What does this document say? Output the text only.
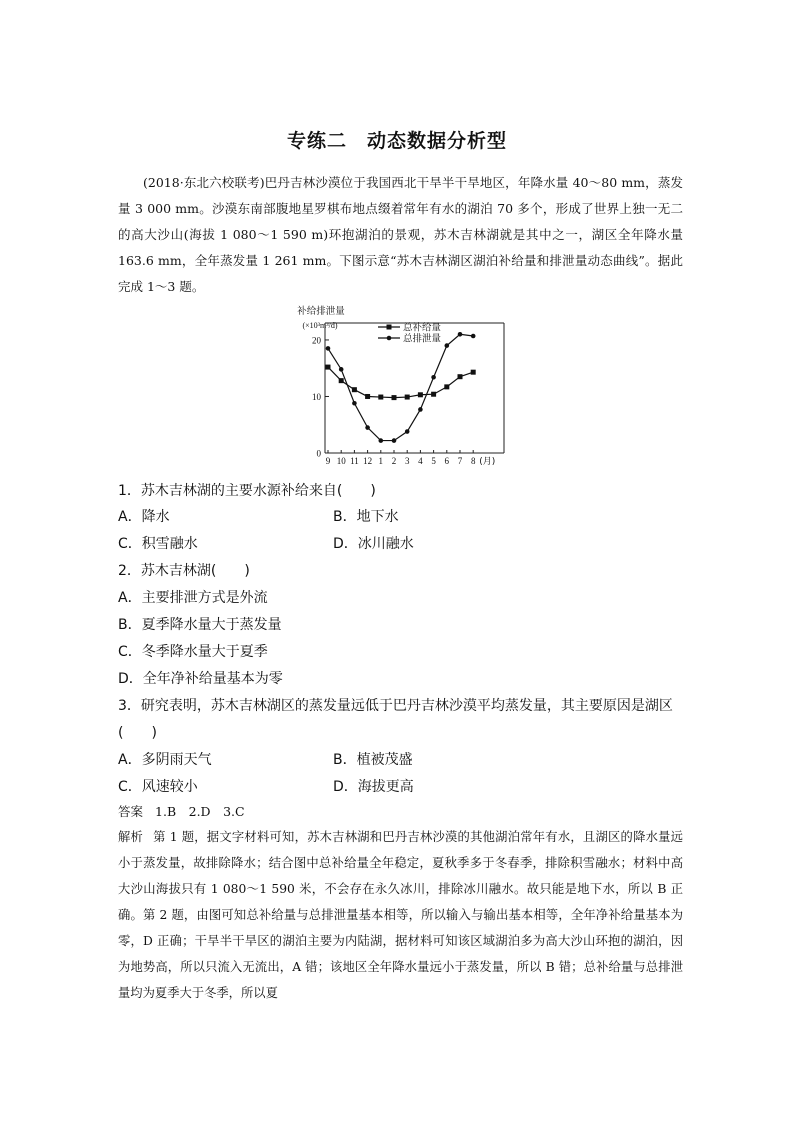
专练二　动态数据分析型
(2018·东北六校联考)巴丹吉林沙漠位于我国西北干旱半干旱地区，年降水量 40～80 mm，蒸发量 3 000 mm。沙漠东南部腹地星罗棋布地点缀着常年有水的湖泊 70 多个，形成了世界上独一无二的高大沙山(海拔 1 080～1 590 m)环抱湖泊的景观，苏木吉林湖就是其中之一，湖区全年降水量 163.6 mm，全年蒸发量 1 261 mm。下图示意“苏木吉林湖区湖泊补给量和排泄量动态曲线”。据此完成 1～3 题。
0
10
20
9 10 11 12 1 2 3 4 5 6 7 8 (月)
补给排泄量
(×10³m³/d)	总补给量
总排泄量
1．苏木吉林湖的主要水源补给来自(　　)
A．降水	B．地下水
C．积雪融水	D．冰川融水
2．苏木吉林湖(　　)
A．主要排泄方式是外流
B．夏季降水量大于蒸发量
C．冬季降水量大于夏季
D．全年净补给量基本为零
3．研究表明，苏木吉林湖区的蒸发量远低于巴丹吉林沙漠平均蒸发量，其主要原因是湖区
(　　)
A．多阴雨天气	B．植被茂盛
C．风速较小	D．海拔更高
答案 1.B　2.D　3.C
解析 第 1 题，据文字材料可知，苏木吉林湖和巴丹吉林沙漠的其他湖泊常年有水，且湖区的降水量远小于蒸发量，故排除降水；结合图中总补给量全年稳定，夏秋季多于冬春季，排除积雪融水；材料中高大沙山海拔只有 1 080～1 590 米，不会存在永久冰川，排除冰川融水。故只能是地下水，所以 B 正确。第 2 题，由图可知总补给量与总排泄量基本相等，所以输入与输出基本相等，全年净补给量基本为零，D 正确；干旱半干旱区的湖泊主要为内陆湖，据材料可知该区域湖泊多为高大沙山环抱的湖泊，因为地势高，所以只流入无流出，A 错；该地区全年降水量远小于蒸发量，所以 B 错；总补给量与总排泄量均为夏季大于冬季，所以夏
